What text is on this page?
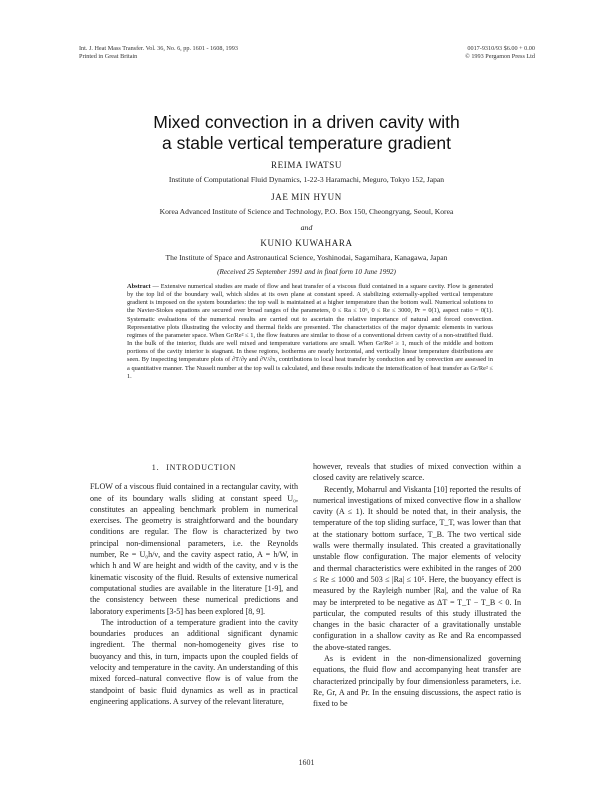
Int. J. Heat Mass Transfer. Vol. 36, No. 6, pp. 1601 - 1608, 1993
Printed in Great Britain
0017-9310/93 $6.00 + 0.00
© 1993 Pergamon Press Ltd
Mixed convection in a driven cavity with
a stable vertical temperature gradient
REIMA IWATSU
Institute of Computational Fluid Dynamics, 1-22-3 Haramachi, Meguro, Tokyo 152, Japan
JAE MIN HYUN
Korea Advanced Institute of Science and Technology, P.O. Box 150, Cheongryang, Seoul, Korea
and
KUNIO KUWAHARA
The Institute of Space and Astronautical Science, Yoshinodai, Sagamihara, Kanagawa, Japan
(Received 25 September 1991 and in final form 10 June 1992)
Abstract — Extensive numerical studies are made of flow and heat transfer of a viscous fluid contained in a square cavity. Flow is generated by the top lid of the boundary wall, which slides at its own plane at constant speed. A stabilizing externally-applied vertical temperature gradient is imposed on the system boundaries: the top wall is maintained at a higher temperature than the bottom wall. Numerical solutions to the Navier-Stokes equations are secured over broad ranges of the parameters, 0 ≤ Ra ≤ 10⁶, 0 ≤ Re ≤ 3000, Pr = 0(1), aspect ratio = 0(1). Systematic evaluations of the numerical results are carried out to ascertain the relative importance of natural and forced convection. Representative plots illustrating the velocity and thermal fields are presented. The characteristics of the major dynamic elements in various regimes of the parameter space. When Gr/Re² ≤ 1, the flow features are similar to those of a conventional driven cavity of a non-stratified fluid. In the bulk of the interior, fluids are well mixed and temperature variations are small. When Gr/Re² ≥ 1, much of the middle and bottom portions of the cavity interior is stagnant. In these regions, isotherms are nearly horizontal, and vertically linear temperature distributions are seen. By inspecting temperature plots of ∂T/∂y and ∂V/∂x, contributions to local heat transfer by conduction and by convection are assessed in a quantitative manner. The Nusselt number at the top wall is calculated, and these results indicate the intensification of heat transfer as Gr/Re² ≤ 1.
1. INTRODUCTION

FLOW of a viscous fluid contained in a rectangular cavity, with one of its boundary walls sliding at constant speed U₀, constitutes an appealing benchmark problem in numerical exercises. The geometry is straightforward and the boundary conditions are regular. The flow is characterized by two principal non-dimensional parameters, i.e. the Reynolds number, Re = U₀h/ν, and the cavity aspect ratio, A = h/W, in which h and W are height and width of the cavity, and ν is the kinematic viscosity of the fluid. Results of extensive numerical computational studies are available in the literature [1-9], and the consistency between these numerical predictions and laboratory experiments [3-5] has been explored [8, 9].

The introduction of a temperature gradient into the cavity boundaries produces an additional significant dynamic ingredient. The thermal non-homogeneity gives rise to buoyancy and this, in turn, impacts upon the coupled fields of velocity and temperature in the cavity. An understanding of this mixed forced–natural convective flow is of value from the standpoint of basic fluid dynamics as well as in practical engineering applications. A survey of the relevant literature,

however, reveals that studies of mixed convection within a closed cavity are relatively scarce.

Recently, Moharrul and Viskanta [10] reported the results of numerical investigations of mixed convective flow in a shallow cavity (A ≤ 1). It should be noted that, in their analysis, the temperature of the top sliding surface, T_T, was lower than that at the stationary bottom surface, T_B. The two vertical side walls were thermally insulated. This created a gravitationally unstable flow configuration. The major elements of velocity and thermal characteristics were exhibited in the ranges of 200 ≤ Re ≤ 1000 and 503 ≤ |Ra| ≤ 10⁵. Here, the buoyancy effect is measured by the Rayleigh number |Ra|, and the value of Ra may be interpreted to be negative as ΔT = T_T − T_B < 0. In particular, the computed results of this study illustrated the changes in the basic character of a gravitationally unstable configuration in a shallow cavity as Re and Ra encompassed the above-stated ranges.

As is evident in the non-dimensionalized governing equations, the fluid flow and accompanying heat transfer are characterized principally by four dimensionless parameters, i.e. Re, Gr, A and Pr. In the ensuing discussions, the aspect ratio is fixed to be

1601
